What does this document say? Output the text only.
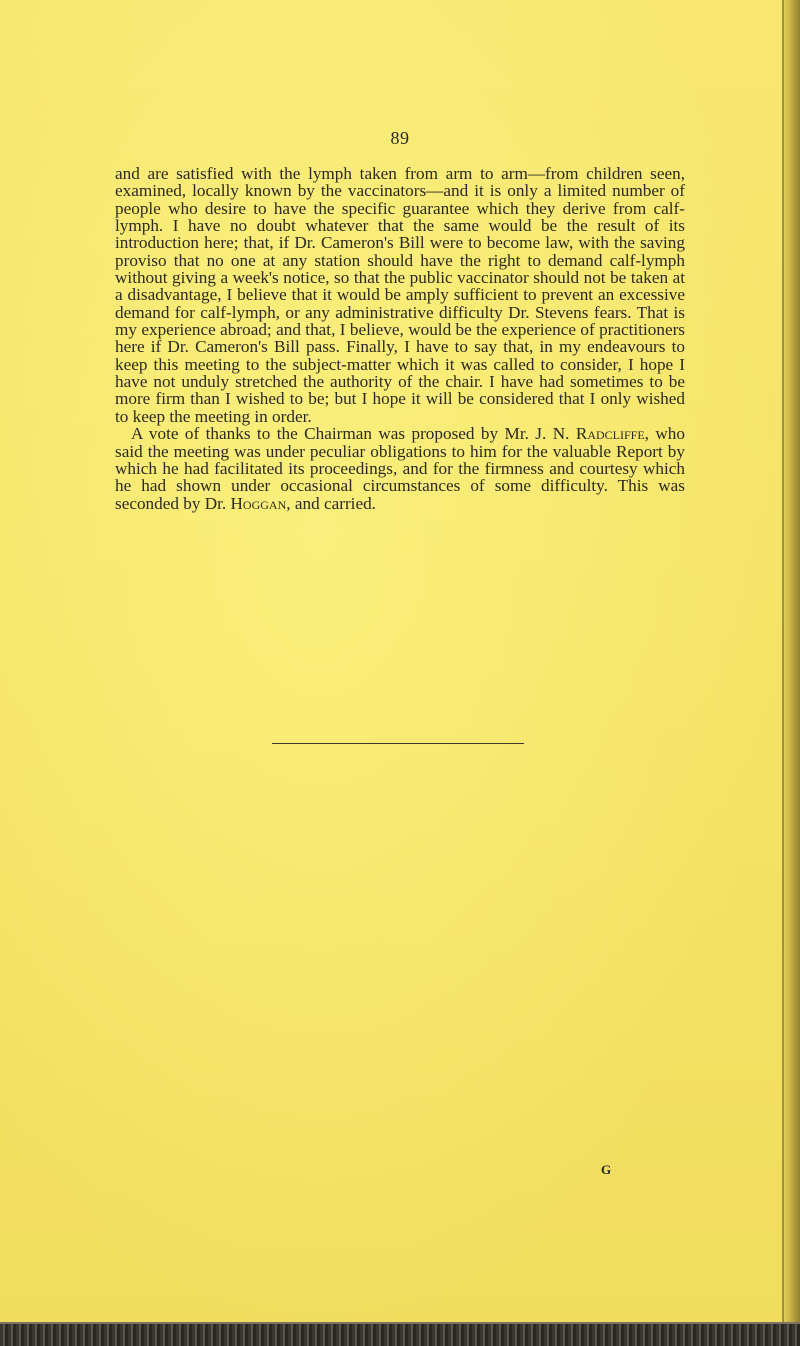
89

and are satisfied with the lymph taken from arm to arm—from children seen, examined, locally known by the vaccinators—and it is only a limited number of people who desire to have the specific guarantee which they derive from calf-lymph. I have no doubt whatever that the same would be the result of its introduction here; that, if Dr. Cameron's Bill were to become law, with the saving proviso that no one at any station should have the right to demand calf-lymph without giving a week's notice, so that the public vaccinator should not be taken at a disadvantage, I believe that it would be amply sufficient to prevent an excessive demand for calf-lymph, or any administrative difficulty Dr. Stevens fears. That is my experience abroad; and that, I believe, would be the experience of practitioners here if Dr. Cameron's Bill pass. Finally, I have to say that, in my endeavours to keep this meeting to the subject-matter which it was called to consider, I hope I have not unduly stretched the authority of the chair. I have had sometimes to be more firm than I wished to be; but I hope it will be considered that I only wished to keep the meeting in order.

A vote of thanks to the Chairman was proposed by Mr. J. N. Radcliffe, who said the meeting was under peculiar obligations to him for the valuable Report by which he had facilitated its proceedings, and for the firmness and courtesy which he had shown under occasional circumstances of some difficulty. This was seconded by Dr. Hoggan, and carried.

G
